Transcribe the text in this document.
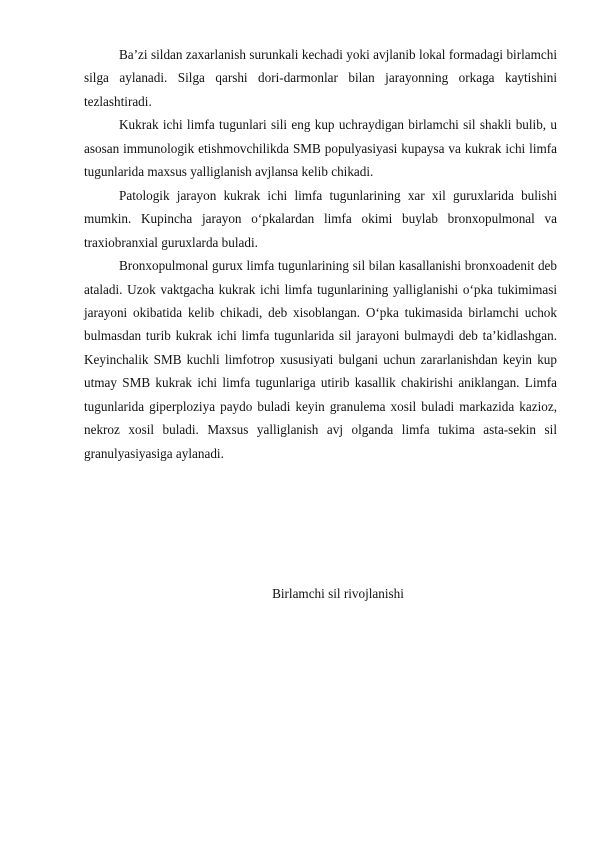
Ba’zi sildan zaxarlanish surunkali kechadi yoki avjlanib lokal formadagi birlamchi silga aylanadi. Silga qarshi dori-darmonlar bilan jarayonning orkaga kaytishini tezlashtiradi.

Kukrak ichi limfa tugunlari sili eng kup uchraydigan birlamchi sil shakli bulib, u asosan immunologik etishmovchilikda SMB populyasiyasi kupaysa va kukrak ichi limfa tugunlarida maxsus yalliglanish avjlansa kelib chikadi.

Patologik jarayon kukrak ichi limfa tugunlarining xar xil guruxlarida bulishi mumkin. Kupincha jarayon o‘pkalardan limfa okimi buylab bronxopulmonal va traxiobranxial guruxlarda buladi.

Bronxopulmonal gurux limfa tugunlarining sil bilan kasallanishi bronxoadenit deb ataladi. Uzok vaktgacha kukrak ichi limfa tugunlarining yalliglanishi o‘pka tukimimasi jarayoni okibatida kelib chikadi, deb xisoblangan. O‘pka tukimasida birlamchi uchok bulmasdan turib kukrak ichi limfa tugunlarida sil jarayoni bulmaydi deb ta’kidlashgan. Keyinchalik SMB kuchli limfotrop xususiyati bulgani uchun zararlanishdan keyin kup utmay SMB kukrak ichi limfa tugunlariga utirib kasallik chakirishi aniklangan. Limfa tugunlarida giperploziya paydo buladi keyin granulema xosil buladi markazida kazioz, nekroz xosil buladi. Maxsus yalliglanish avj olganda limfa tukima asta-sekin sil granulyasiyasiga aylanadi.

Birlamchi sil rivojlanishi
